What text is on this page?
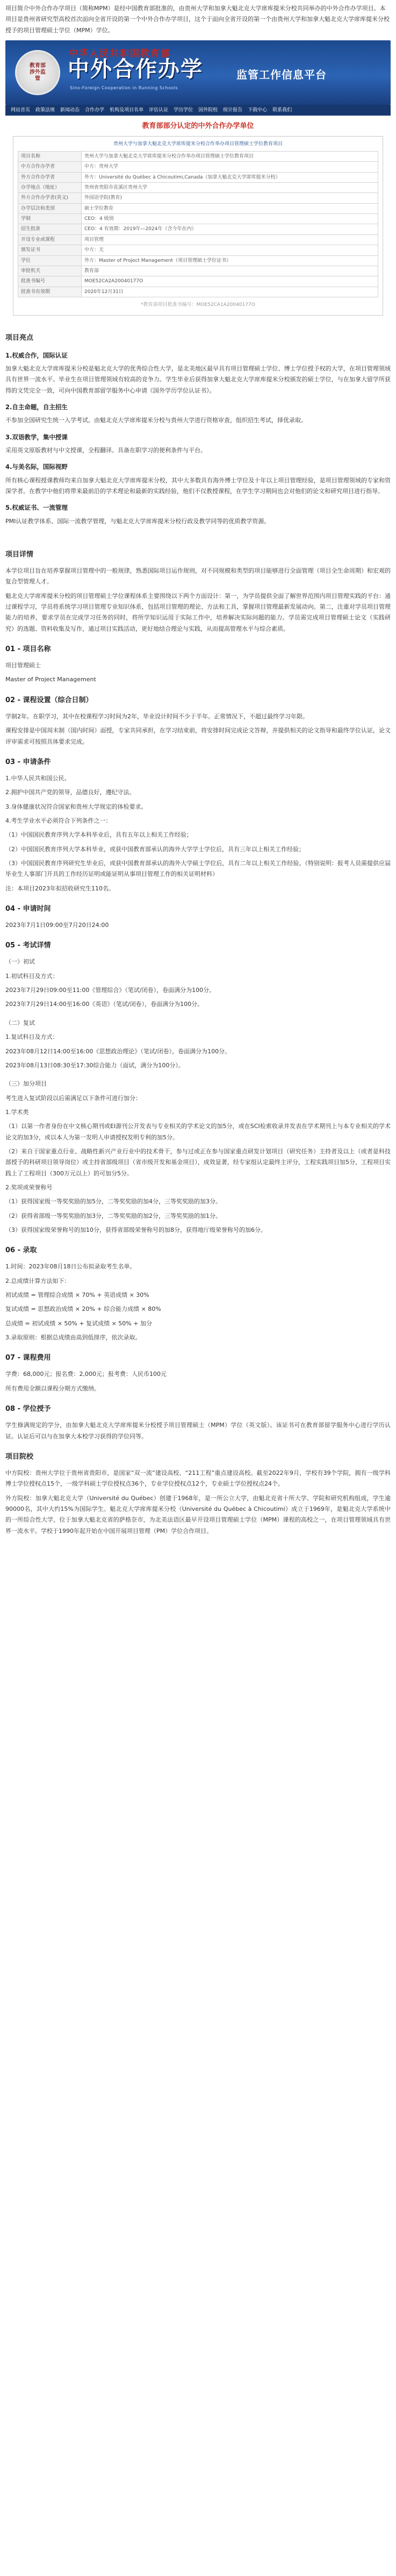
项目简介中外合作办学项目（简称MPM）是经中国教育部批准的，由贵州大学和加拿大魁北克大学席库提米分校共同举办的中外合作办学项目。本项目是贵州省研究型高校首次面向全省开设的第一个中外合作办学项目，这个于面向全省开设的第一个由贵州大学和加拿大魁北克大学席库提米分校授予的项目管理硕士学位（MPM）学位。

教育部 涉外监管
中华人民共和国教育部
中外合作办学
Sino-Foreign Cooperation in Running Schools
监管工作信息平台
网站首页 政策法规 新闻动态 合作办学 机构及项目名单 评估认证 学历学位 国外院校 统计报告 下载中心 联系我们
教育部部分认定的中外合作办学单位
贵州大学与加拿大魁北克大学席库提米分校合作举办项目管理硕士学位教育项目
项目名称	贵州大学与加拿大魁北克大学席库提米分校合作举办项目管理硕士学位教育项目
中方合作办学者	中方：贵州大学
外方合作办学者	外方：Université du Québec à Chicoutimi,Canada（加拿大魁北克大学席库提米分校）
办学地点（地址）	贵州省贵阳市花溪区贵州大学
外方合作办学者(英文)	外国语学院(教育)
办学层次和类别	硕士学位教育
学制	CEO：4 级别
招生批准	CEO：4 有效期：2019年—2024年（含今年在内）
开设专业或课程	项目管理
颁发证书	中方：无
学位	外方：Master of Project Management（项目管理硕士学位证书）
审批机关	教育部
批准书编号	MOE52CA2A20040177O
批准书有效期	2020年12月31日
*教育部项目批准书编号：MOE52CA1A20040177O
项目亮点
1.权威合作，国际认证

加拿大魁北克大学席库提米分校是魁北克大学的优秀综合性大学，是北美地区最早具有项目管理硕士学位、博士学位授予权的大学，在项目管理领域具有世界一流水平。毕业生在项目管理领域有较高的竞争力。学生毕业后获得加拿大魁北克大学席库提米分校颁发的硕士学位，与在加拿大留学所获得的文凭完全一致，可向中国教育部留学服务中心申请《国外学历学位认证书》。

2.自主命题，自主招生

不参加全国研究生统一入学考试。由魁北克大学席库提米分校与贵州大学进行资格审查，组织招生考试，择优录取。

3.双语教学，集中授课

采用英文原版教材与中文授课，全程翻译。具备在职学习的便利条件与平台。

4.与美名际，国际视野

所有核心课程授课教师均来自加拿大魁北克大学席库提米分校，其中大多数具有海外博士学位及十年以上项目管理经验，是项目管理领域的专家和资深学者。在教学中他们将带来最前沿的学术理论和最新的实践经验，他们不仅教授课程，在学生学习期间也会对他们的论文和研究项目进行指导。

5.权威证书、一流管理

PMI认证教学体系、国际一流教学管理，与魁北克大学席库提米分校行政及教学同等的优质教学资源。

项目详情

本学位项目旨在培养掌握项目管理中的一般规律，熟悉国际项目运作规则，对不同规模和类型的项目能够进行全面管理（项目全生命周期）和宏观的复合型管理人才。

魁北克大学席库提米分校的项目管理硕士学位课程体系主要围绕以下两个方面设计：第一，为学员提供全面了解世界范围内项目管理实践的平台：通过课程学习，学员将系统学习项目管理专业知识体系，包括项目管理的理论、方法和工具，掌握项目管理最新发展动向。第二，注重对学员项目管理能力的培养，要求学员在完成学习任务的同时，将所学知识运用于实际工作中，培养解决实际问题的能力。学员需完成项目管理硕士论文（实践研究）的选题、资料收集及写作，通过项目实践活动，更好地结合理论与实践，从而提高管理水平与综合素质。

01 - 项目名称

项目管理硕士

Master of Project Management

02 - 课程设置（综合日制）

学制2年。在职学习，其中在校课程学习时间为2年，毕业设计时间不少于半年。正常情况下，不超过最终学习年限。

课程安排是中国周末制（国内时间）面授，专家共同承担，在学习结束前，将安排时间完成论文答辩，并提供相关的论文指导和最终学位认证，论文评审需求可按照具体要求完成。

03 - 申请条件

1.中华人民共和国公民。

2.拥护中国共产党的领导，品德良好，遵纪守法。

3.身体健康状况符合国家和贵州大学规定的体检要求。

4.考生学业水平必须符合下列条件之一：

（1）中国国民教育序列大学本科毕业后，具有五年以上相关工作经验；

（2）中国国民教育序列大学本科毕业，或获中国教育部承认的海外大学学士学位后，具有三年以上相关工作经验；

（3）中国国民教育序列研究生毕业后，或获中国教育部承认的海外大学硕士学位后，具有二年以上相关工作经验。（特别说明：报考人员需提供应届毕业生人事部门开具的工作经历证明或能证明从事项目管理工作的相关证明材料）

注：本项目2023年拟招收研究生110名。

04 - 申请时间

2023年7月1日09:00至7月20日24:00

05 - 考试详情

（一）初试

1.初试科目及方式：

2023年7月29日09:00至11:00《管理综合》（笔试/闭卷），卷面满分为100分。

2023年7月29日14:00至16:00《英语》（笔试/闭卷），卷面满分为100分。

（二）复试

1.复试科目及方式：

2023年08月12日14:00至16:00《思想政治理论》（笔试/闭卷），卷面满分为100分。

2023年08月13日08:30至17:30综合能力（面试，满分为100分）。

（三）加分项目

考生进入复试阶段以后需满足以下条件可进行加分：

1.学术类

（1）以第一作者身份在中文核心期刊或EI源刊公开发表与专业相关的学术论文的加5分，或在SCI检索收录并发表在学术期刊上与本专业相关的学术论文的加3分，或以本人为第一发明人申请授权发明专利的加5分。

（2）来自于国家重点行业、战略性新兴产业行业中的技术骨干，参与过或正在参与国家重点研发计划项目（研究任务）主持者及以上（或者是科技部授予的科研项目领导岗位）或主持省部级项目（省市级开发和基金项目），成效显著，经专家组认定最终主评分，工程实践项目加5分，工程项目实践上了工程项目（300万元以上）的可加分5分。

2.奖项或荣誉称号

（1）获得国家级一等奖奖励的加5分，二等奖奖励的加4分，三等奖奖励的加3分。

（2）获得省部级一等奖奖励的加3分，二等奖奖励的加2分，三等奖奖励的加1分。

（3）获得国家级荣誉称号的加10分，获得省部级荣誉称号的加8分，获得地厅级荣誉称号的加6分。

06 - 录取

1.时间：2023年08月18日公布拟录取考生名单。

2.总成绩计算方法如下：

初试成绩 = 管理综合成绩 × 70% + 英语成绩 × 30%

复试成绩 = 思想政治成绩 × 20% + 综合能力成绩 × 80%

总成绩 = 初试成绩 × 50% + 复试成绩 × 50% + 加分

3.录取原则：根据总成绩由高到低排序，依次录取。

07 - 课程费用

学费：68,000元；报名费：2,000元；报考费：人民币100元

所有费用全额以课程分期方式缴纳。

08 - 学位授予

学生修满规定的学分，由加拿大魁北克大学席库提米分校授予项目管理硕士（MPM）学位（英文版）。该证书可在教育部留学服务中心进行学历认证。认证后可以与在加拿大本校学习获得的学位同等。

项目院校

中方院校：贵州大学位于贵州省贵阳市，是国家“双一流”建设高校、“211工程”重点建设高校。截至2022年9月，学校有39个学院，拥有一级学科博士学位授权点15个，一级学科硕士学位授权点36个，专业学位授权点12个，专业硕士学位授权点24个。

外方院校：加拿大魁北克大学（Université du Québec）创建于1968年，是一所公立大学，由魁北克省十所大学、学院和研究机构组成，学生逾90000名，其中大约15%为国际学生。魁北克大学席库提米分校（Université du Québec à Chicoutimi）成立于1969年，是魁北克大学系统中的一所综合性大学，位于加拿大魁北克省的萨格奈市，为北美法语区最早开设项目管理硕士学位（MPM）课程的高校之一，在项目管理领域具有世界一流水平。学校于1990年起开始在中国开展项目管理（PM）学位合作项目。
